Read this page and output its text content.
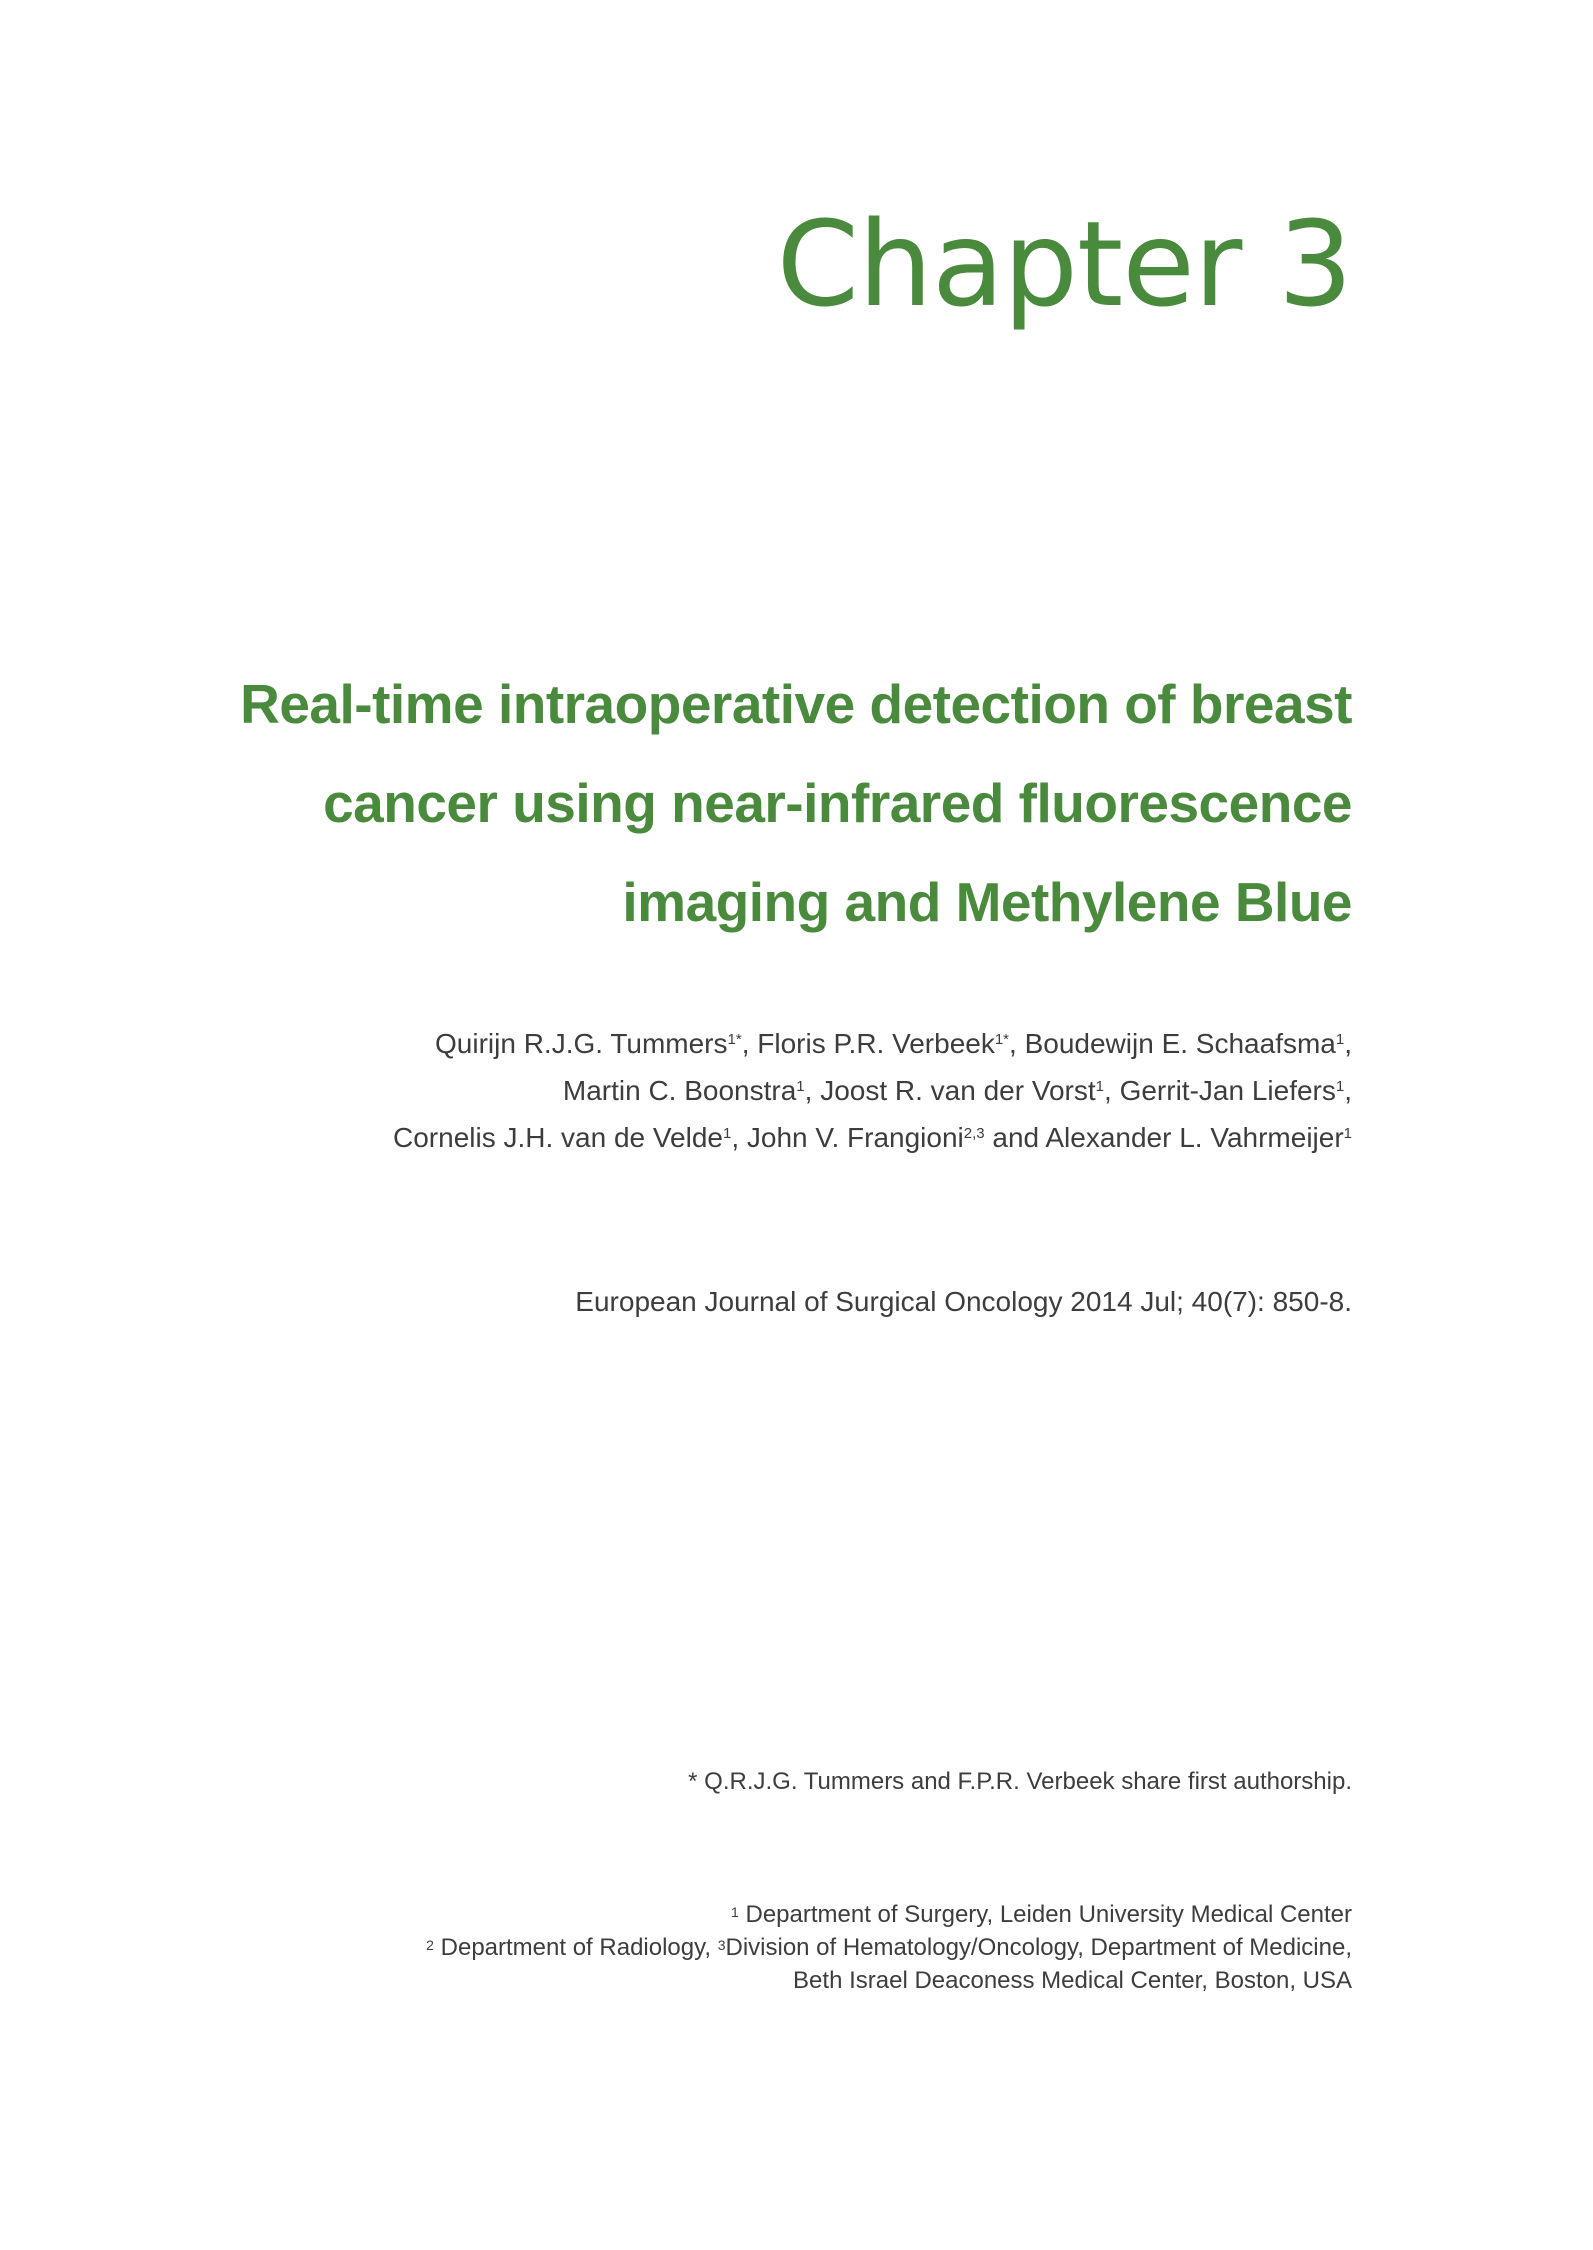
Chapter 3
Real-time intraoperative detection of breast
cancer using near-infrared fluorescence
imaging and Methylene Blue
Quirijn R.J.G. Tummers$^{1*}$, Floris P.R. Verbeek$^{1*}$, Boudewijn E. Schaafsma$^1$,
Martin C. Boonstra$^1$, Joost R. van der Vorst$^1$, Gerrit-Jan Liefers$^1$,
Cornelis J.H. van de Velde$^1$, John V. Frangioni$^{2,3}$ and Alexander L. Vahrmeijer$^1$
European Journal of Surgical Oncology 2014 Jul; 40(7): 850-8.
* Q.R.J.G. Tummers and F.P.R. Verbeek share first authorship.
$^1$ Department of Surgery, Leiden University Medical Center
$^2$ Department of Radiology, $^3$Division of Hematology/Oncology, Department of Medicine,
Beth Israel Deaconess Medical Center, Boston, USA
